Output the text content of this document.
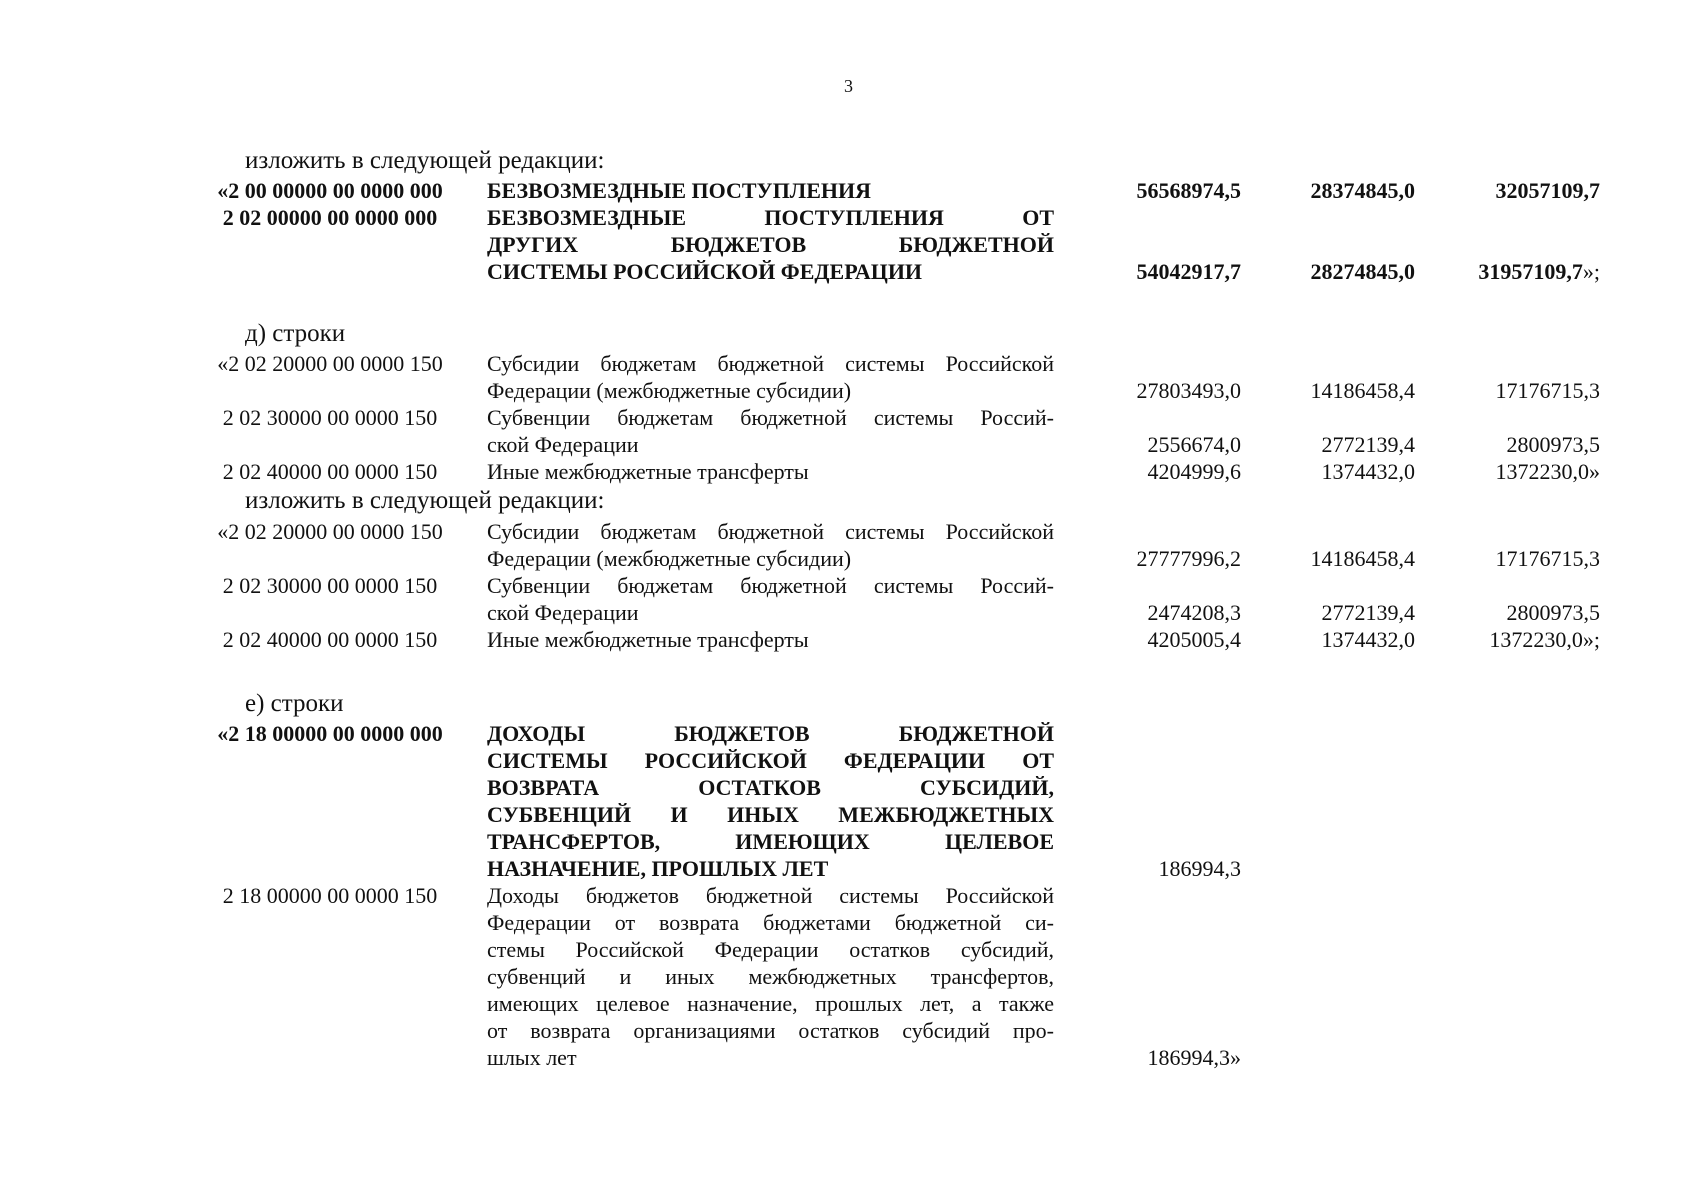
3
изложить в следующей редакции:
«2 00 00000 00 0000 000	БЕЗВОЗМЕЗДНЫЕ ПОСТУПЛЕНИЯ	56568974,5	28374845,0	32057109,7
2 02 00000 00 0000 000	БЕЗВОЗМЕЗДНЫЕ ПОСТУПЛЕНИЯ ОТ
ДРУГИХ БЮДЖЕТОВ БЮДЖЕТНОЙ
СИСТЕМЫ РОССИЙСКОЙ ФЕДЕРАЦИИ	54042917,7	28274845,0	31957109,7»;
д) строки
«2 02 20000 00 0000 150	Субсидии бюджетам бюджетной системы Российской
Федерации (межбюджетные субсидии)	27803493,0	14186458,4	17176715,3
2 02 30000 00 0000 150	Субвенции бюджетам бюджетной системы Россий-
ской Федерации	2556674,0	2772139,4	2800973,5
2 02 40000 00 0000 150	Иные межбюджетные трансферты	4204999,6	1374432,0	1372230,0»
изложить в следующей редакции:
«2 02 20000 00 0000 150	Субсидии бюджетам бюджетной системы Российской
Федерации (межбюджетные субсидии)	27777996,2	14186458,4	17176715,3
2 02 30000 00 0000 150	Субвенции бюджетам бюджетной системы Россий-
ской Федерации	2474208,3	2772139,4	2800973,5
2 02 40000 00 0000 150	Иные межбюджетные трансферты	4205005,4	1374432,0	1372230,0»;
е) строки
«2 18 00000 00 0000 000	ДОХОДЫ БЮДЖЕТОВ БЮДЖЕТНОЙ
СИСТЕМЫ РОССИЙСКОЙ ФЕДЕРАЦИИ ОТ
ВОЗВРАТА ОСТАТКОВ СУБСИДИЙ,
СУБВЕНЦИЙ И ИНЫХ МЕЖБЮДЖЕТНЫХ
ТРАНСФЕРТОВ, ИМЕЮЩИХ ЦЕЛЕВОЕ
НАЗНАЧЕНИЕ, ПРОШЛЫХ ЛЕТ	186994,3
2 18 00000 00 0000 150	Доходы бюджетов бюджетной системы Российской
Федерации от возврата бюджетами бюджетной си-
стемы Российской Федерации остатков субсидий,
субвенций и иных межбюджетных трансфертов,
имеющих целевое назначение, прошлых лет, а также
от возврата организациями остатков субсидий про-
шлых лет	186994,3»
